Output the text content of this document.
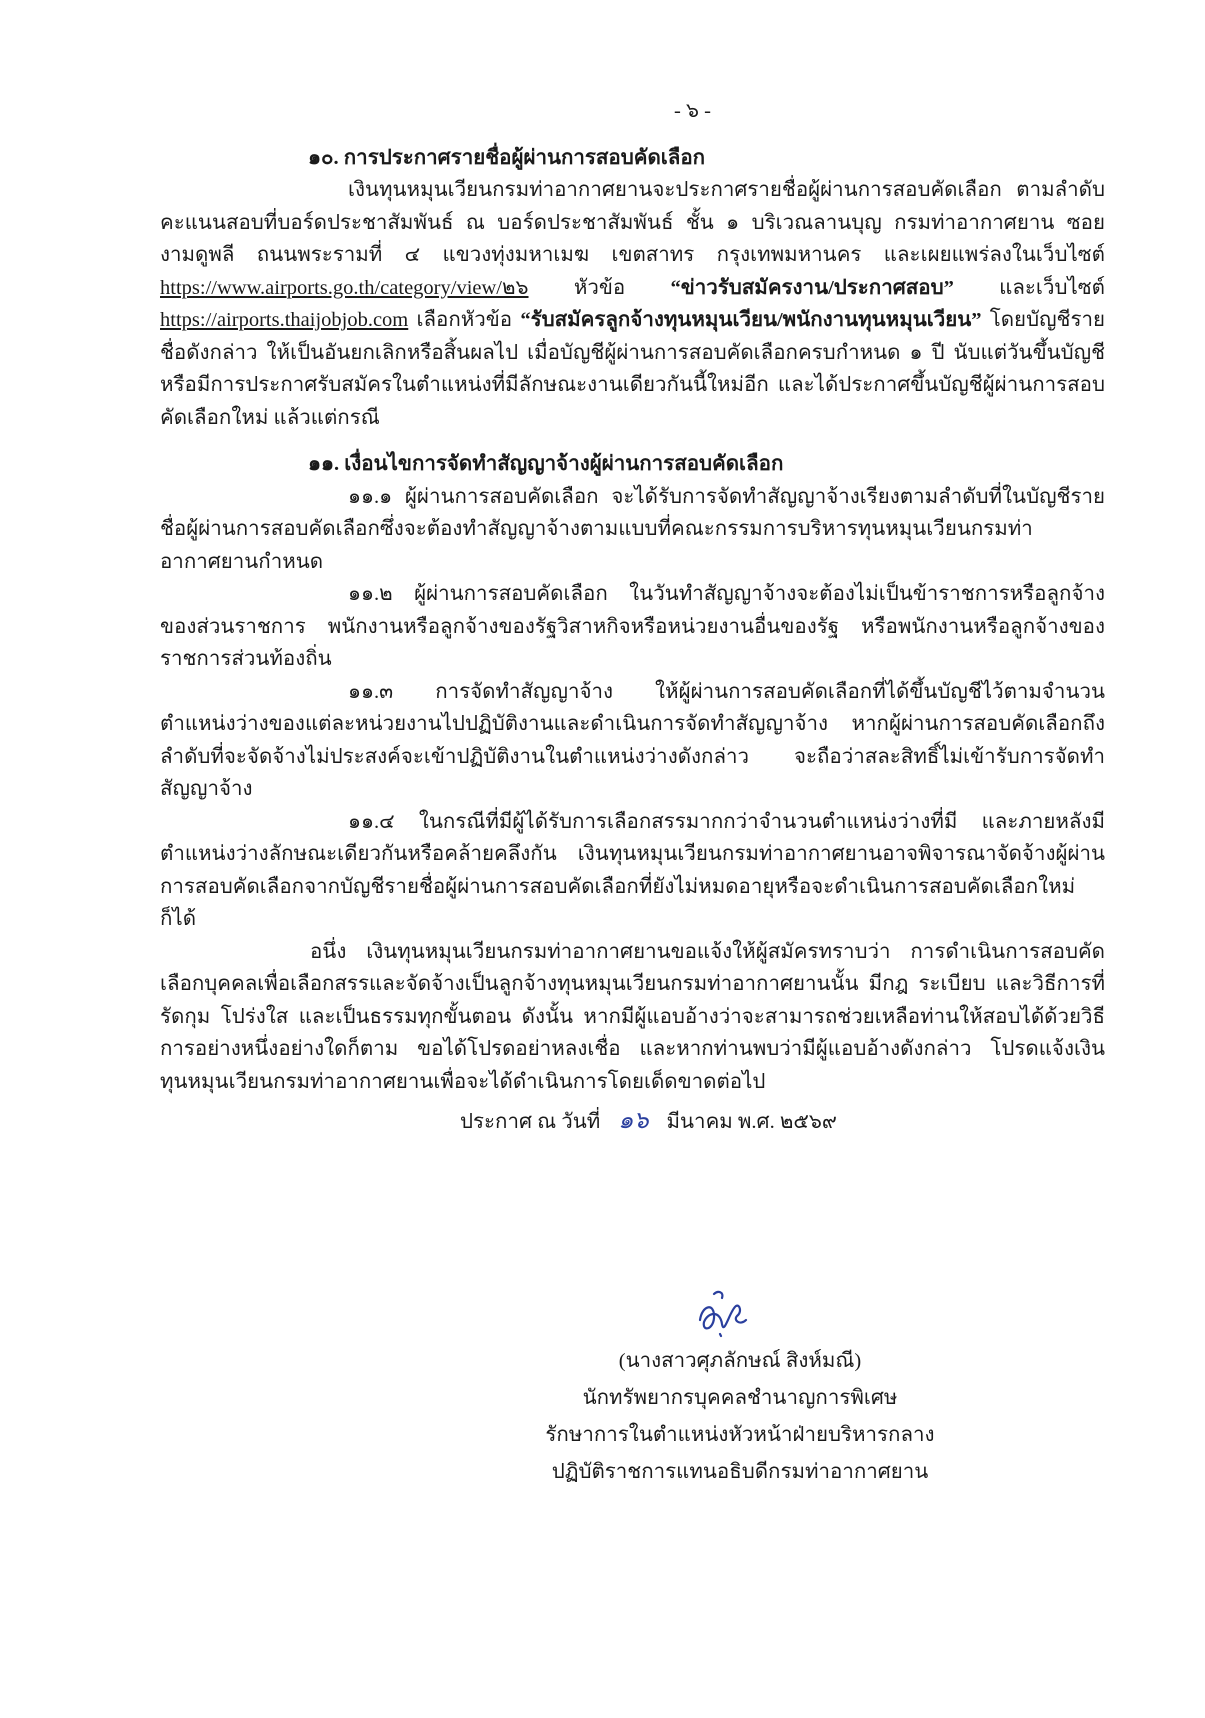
- ๖ -
๑๐. การประกาศรายชื่อผู้ผ่านการสอบคัดเลือก
เงินทุนหมุนเวียนกรมท่าอากาศยานจะประกาศรายชื่อผู้ผ่านการสอบคัดเลือก ตามลำดับคะแนนสอบที่บอร์ดประชาสัมพันธ์ ณ บอร์ดประชาสัมพันธ์ ชั้น ๑ บริเวณลานบุญ กรมท่าอากาศยาน ซอยงามดูพลี ถนนพระรามที่ ๔ แขวงทุ่งมหาเมฆ เขตสาทร กรุงเทพมหานคร และเผยแพร่ลงในเว็บไซต์ https://www.airports.go.th/category/view/๒๖ หัวข้อ “ข่าวรับสมัครงาน/ประกาศสอบ” และเว็บไซต์ https://airports.thaijobjob.com เลือกหัวข้อ “รับสมัครลูกจ้างทุนหมุนเวียน/พนักงานทุนหมุนเวียน” โดยบัญชีรายชื่อดังกล่าว ให้เป็นอันยกเลิกหรือสิ้นผลไป เมื่อบัญชีผู้ผ่านการสอบคัดเลือกครบกำหนด ๑ ปี นับแต่วันขึ้นบัญชี หรือมีการประกาศรับสมัครในตำแหน่งที่มีลักษณะงานเดียวกันนี้ใหม่อีก และได้ประกาศขึ้นบัญชีผู้ผ่านการสอบคัดเลือกใหม่ แล้วแต่กรณี
๑๑. เงื่อนไขการจัดทำสัญญาจ้างผู้ผ่านการสอบคัดเลือก
๑๑.๑ ผู้ผ่านการสอบคัดเลือก จะได้รับการจัดทำสัญญาจ้างเรียงตามลำดับที่ในบัญชีรายชื่อผู้ผ่านการสอบคัดเลือกซึ่งจะต้องทำสัญญาจ้างตามแบบที่คณะกรรมการบริหารทุนหมุนเวียนกรมท่าอากาศยานกำหนด
๑๑.๒ ผู้ผ่านการสอบคัดเลือก ในวันทำสัญญาจ้างจะต้องไม่เป็นข้าราชการหรือลูกจ้างของส่วนราชการ พนักงานหรือลูกจ้างของรัฐวิสาหกิจหรือหน่วยงานอื่นของรัฐ หรือพนักงานหรือลูกจ้างของราชการส่วนท้องถิ่น
๑๑.๓ การจัดทำสัญญาจ้าง ให้ผู้ผ่านการสอบคัดเลือกที่ได้ขึ้นบัญชีไว้ตามจำนวนตำแหน่งว่างของแต่ละหน่วยงานไปปฏิบัติงานและดำเนินการจัดทำสัญญาจ้าง หากผู้ผ่านการสอบคัดเลือกถึงลำดับที่จะจัดจ้างไม่ประสงค์จะเข้าปฏิบัติงานในตำแหน่งว่างดังกล่าว จะถือว่าสละสิทธิ์ไม่เข้ารับการจัดทำสัญญาจ้าง
๑๑.๔ ในกรณีที่มีผู้ได้รับการเลือกสรรมากกว่าจำนวนตำแหน่งว่างที่มี และภายหลังมีตำแหน่งว่างลักษณะเดียวกันหรือคล้ายคลึงกัน เงินทุนหมุนเวียนกรมท่าอากาศยานอาจพิจารณาจัดจ้างผู้ผ่านการสอบคัดเลือกจากบัญชีรายชื่อผู้ผ่านการสอบคัดเลือกที่ยังไม่หมดอายุหรือจะดำเนินการสอบคัดเลือกใหม่ก็ได้
อนึ่ง เงินทุนหมุนเวียนกรมท่าอากาศยานขอแจ้งให้ผู้สมัครทราบว่า การดำเนินการสอบคัดเลือกบุคคลเพื่อเลือกสรรและจัดจ้างเป็นลูกจ้างทุนหมุนเวียนกรมท่าอากาศยานนั้น มีกฎ ระเบียบ และวิธีการที่รัดกุม โปร่งใส และเป็นธรรมทุกขั้นตอน ดังนั้น หากมีผู้แอบอ้างว่าจะสามารถช่วยเหลือท่านให้สอบได้ด้วยวิธีการอย่างหนึ่งอย่างใดก็ตาม ขอได้โปรดอย่าหลงเชื่อ และหากท่านพบว่ามีผู้แอบอ้างดังกล่าว โปรดแจ้งเงินทุนหมุนเวียนกรมท่าอากาศยานเพื่อจะได้ดำเนินการโดยเด็ดขาดต่อไป
ประกาศ ณ วันที่ ๑๖ มีนาคม พ.ศ. ๒๕๖๙
(นางสาวศุภลักษณ์ สิงห์มณี)
นักทรัพยากรบุคคลชำนาญการพิเศษ
รักษาการในตำแหน่งหัวหน้าฝ่ายบริหารกลาง
ปฏิบัติราชการแทนอธิบดีกรมท่าอากาศยาน
